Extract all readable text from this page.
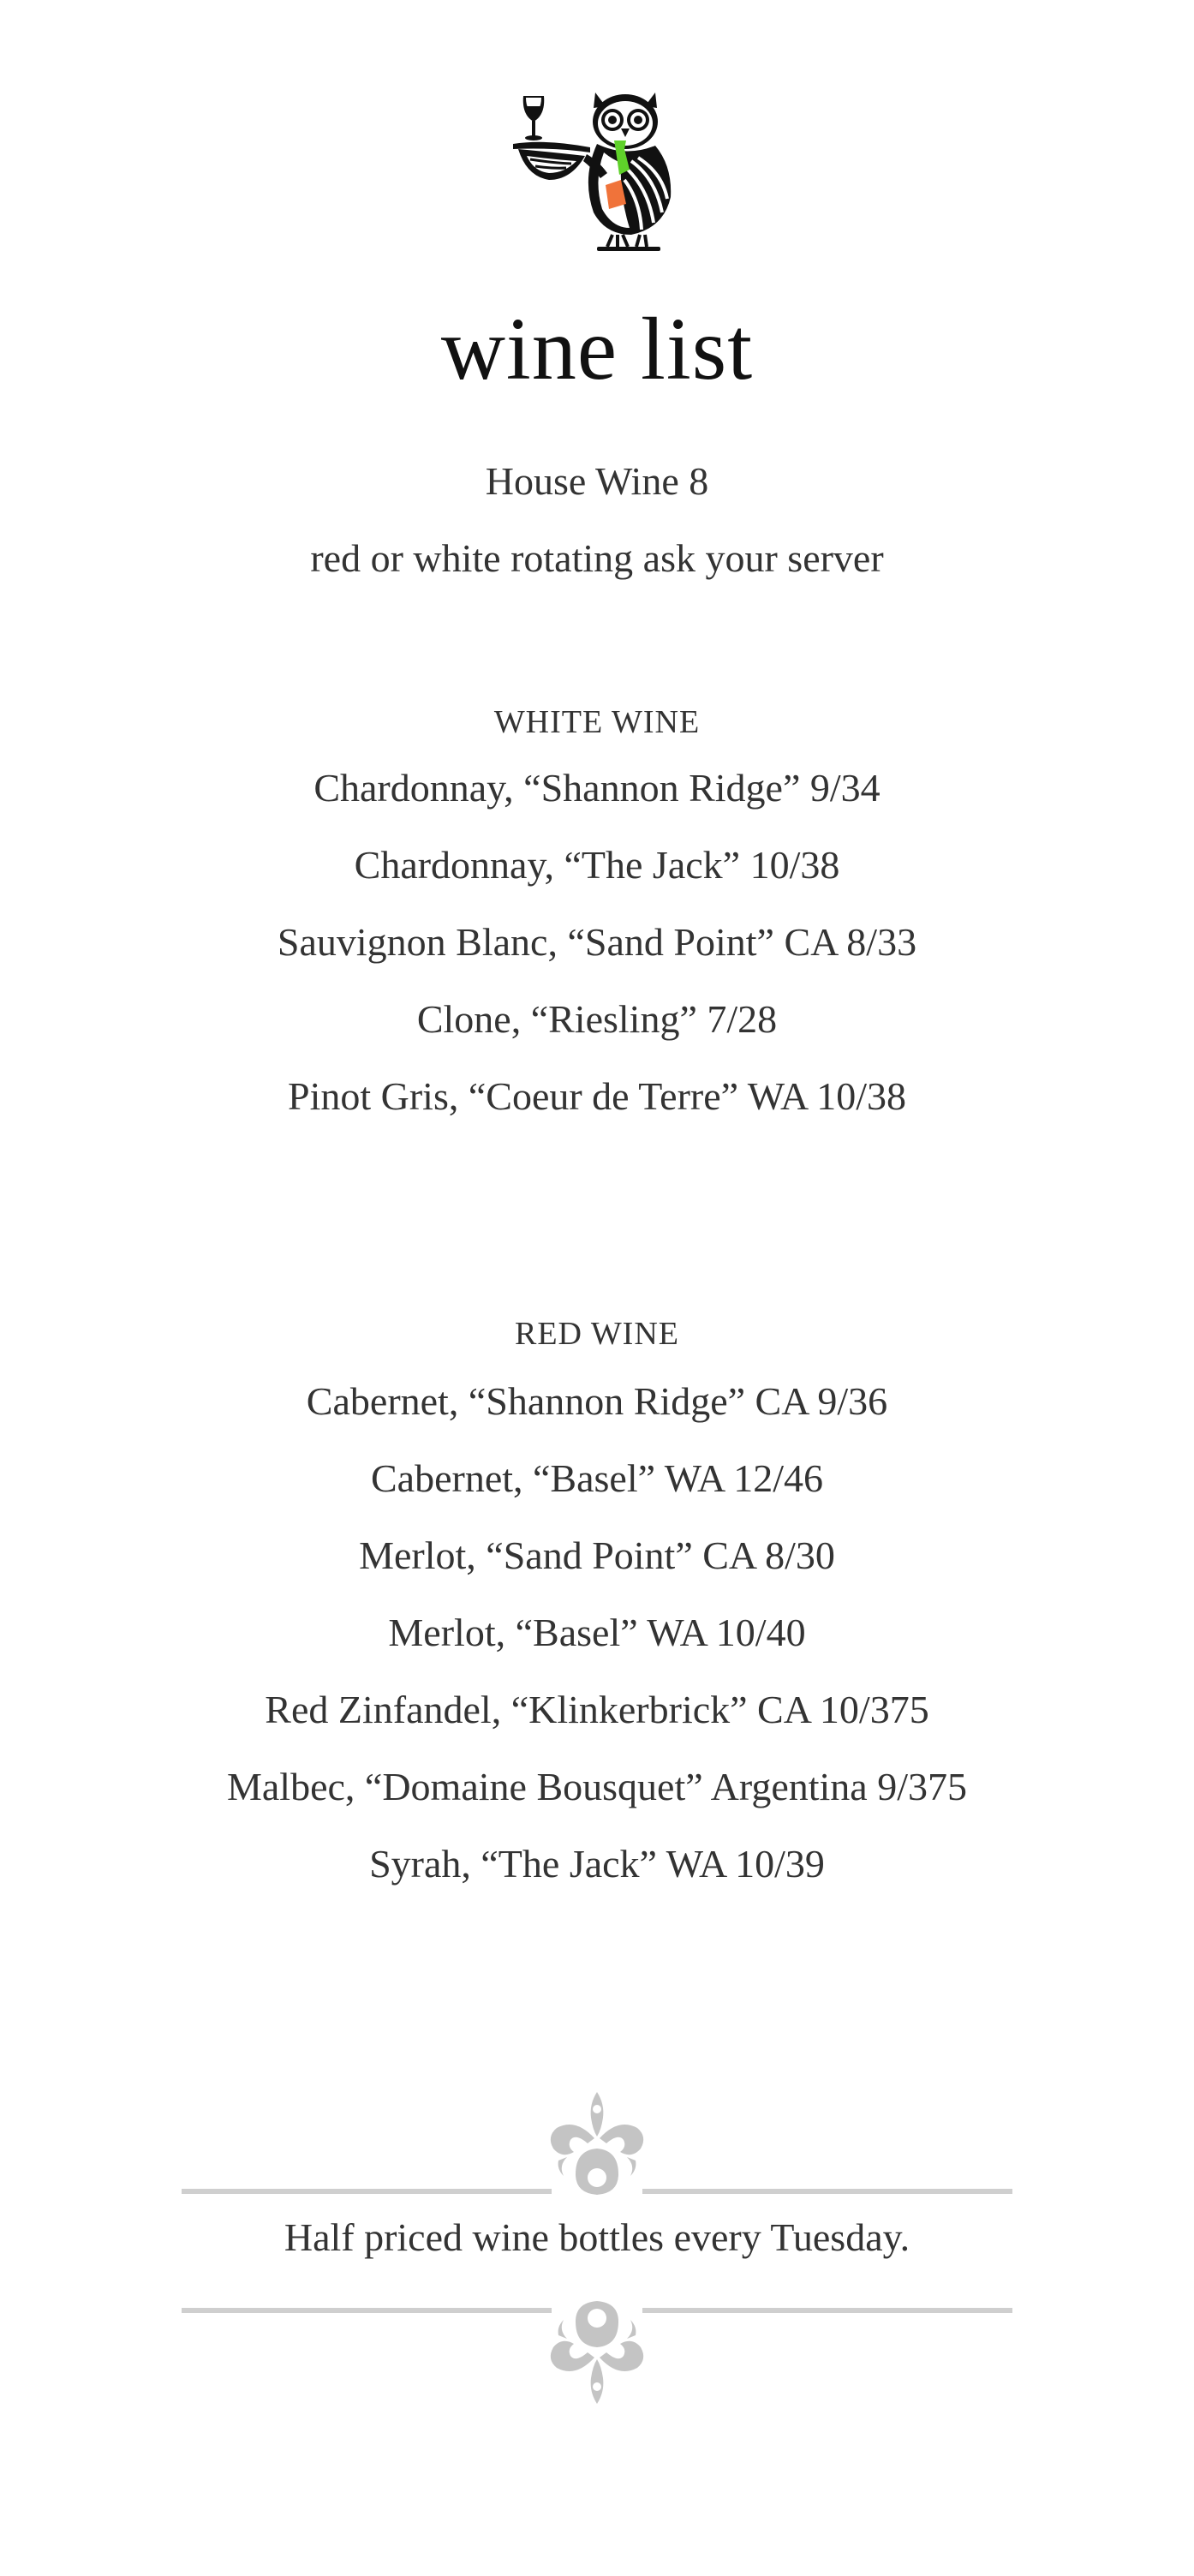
wine list
House Wine 8
red or white rotating ask your server
WHITE WINE
Chardonnay, “Shannon Ridge” 9/34
Chardonnay, “The Jack” 10/38
Sauvignon Blanc, “Sand Point” CA 8/33
Clone, “Riesling” 7/28
Pinot Gris, “Coeur de Terre” WA 10/38
RED WINE
Cabernet, “Shannon Ridge” CA 9/36
Cabernet, “Basel” WA 12/46
Merlot, “Sand Point” CA 8/30
Merlot, “Basel” WA 10/40
Red Zinfandel, “Klinkerbrick” CA 10/375
Malbec, “Domaine Bousquet” Argentina 9/375
Syrah, “The Jack” WA 10/39
Half priced wine bottles every Tuesday.
